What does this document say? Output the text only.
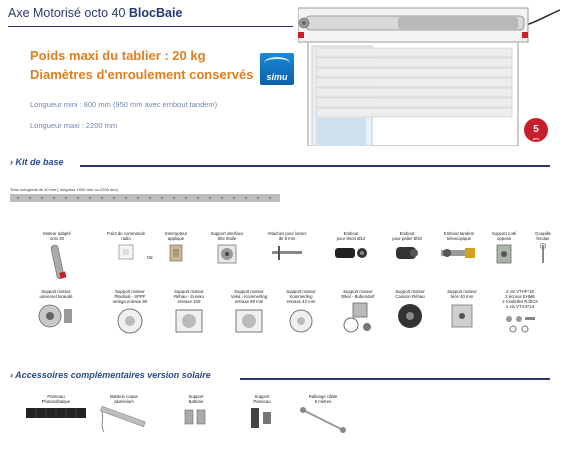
Axe Motorisé octo 40 BlocBaie
Poids maxi du tablier : 20 kg
Diamètres d'enroulement conservés	simu
Longueur mini : 800 mm (950 mm avec embout tandem)
Longueur maxi : 2200 mm	5
ans
› Kit de base
Tube octogonal de 40 mm ( longueur 1500 mm ou 2200 mm)
Moteur adapté
octo 40
Point de commande
radio
ou
Interrupteur
applique
Support interface
tête étoile
Attaches pour lames
de 8 mm
Embout
pour téton Ø12
Embout
pour palier Ø18
Embout tandem
télescopique
Support coté
opposé
Goupille
fendue
Support moteur
universel taraudé
Support moteur
Plastival - SPPF
oméga entraxe 90
Support moteur
Réhau - Eureko
entraxe 100
Support moteur
Veka - Kommerling
entraxe 90 mm
Support moteur
Kommerling
entraxe 42 mm
Support moteur
Elkel - Bubendorf
Support moteur
Caisson Réhau
Support moteur
técé 40 mm
2 vis VTHF*16
2 écrous EHM6
2 rondelles RJZC6
1 vis VT3.5*13
› Accessoires complémentaires version solaire
Panneau
Photovoltaïque
Batterie coque
aluminium
Support
Batterie
Support
Panneau
Rallonge câble
5 mètres
